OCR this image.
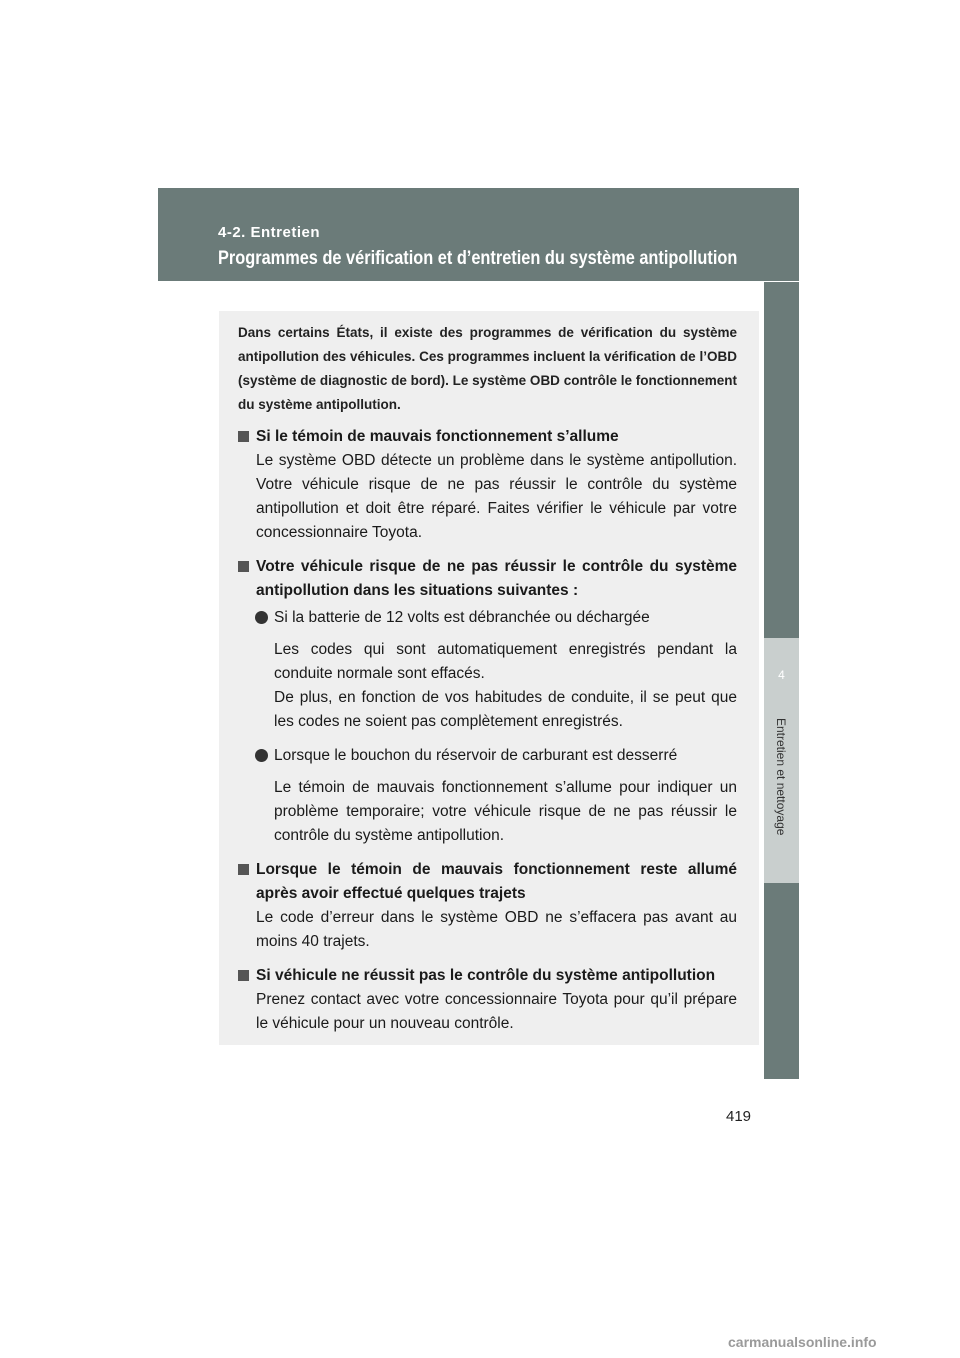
4-2. Entretien
Programmes de vérification et d’entretien du système antipollution
4
Entretien et nettoyage

Dans certains États, il existe des programmes de vérification du système antipollution des véhicules. Ces programmes incluent la vérification de l’OBD (système de diagnostic de bord). Le système OBD contrôle le fonctionnement du système antipollution.

Si le témoin de mauvais fonctionnement s’allume

Le système OBD détecte un problème dans le système antipollution. Votre véhicule risque de ne pas réussir le contrôle du système antipollution et doit être réparé. Faites vérifier le véhicule par votre concessionnaire Toyota.

Votre véhicule risque de ne pas réussir le contrôle du système antipollution dans les situations suivantes :

Si la batterie de 12 volts est débranchée ou déchargée

Les codes qui sont automatiquement enregistrés pendant la conduite normale sont effacés.
De plus, en fonction de vos habitudes de conduite, il se peut que les codes ne soient pas complètement enregistrés.

Lorsque le bouchon du réservoir de carburant est desserré

Le témoin de mauvais fonctionnement s’allume pour indiquer un problème temporaire; votre véhicule risque de ne pas réussir le contrôle du système antipollution.

Lorsque le témoin de mauvais fonctionnement reste allumé après avoir effectué quelques trajets

Le code d’erreur dans le système OBD ne s’effacera pas avant au moins 40 trajets.

Si véhicule ne réussit pas le contrôle du système antipollution

Prenez contact avec votre concessionnaire Toyota pour qu’il prépare le véhicule pour un nouveau contrôle.

419
carmanualsonline.info
